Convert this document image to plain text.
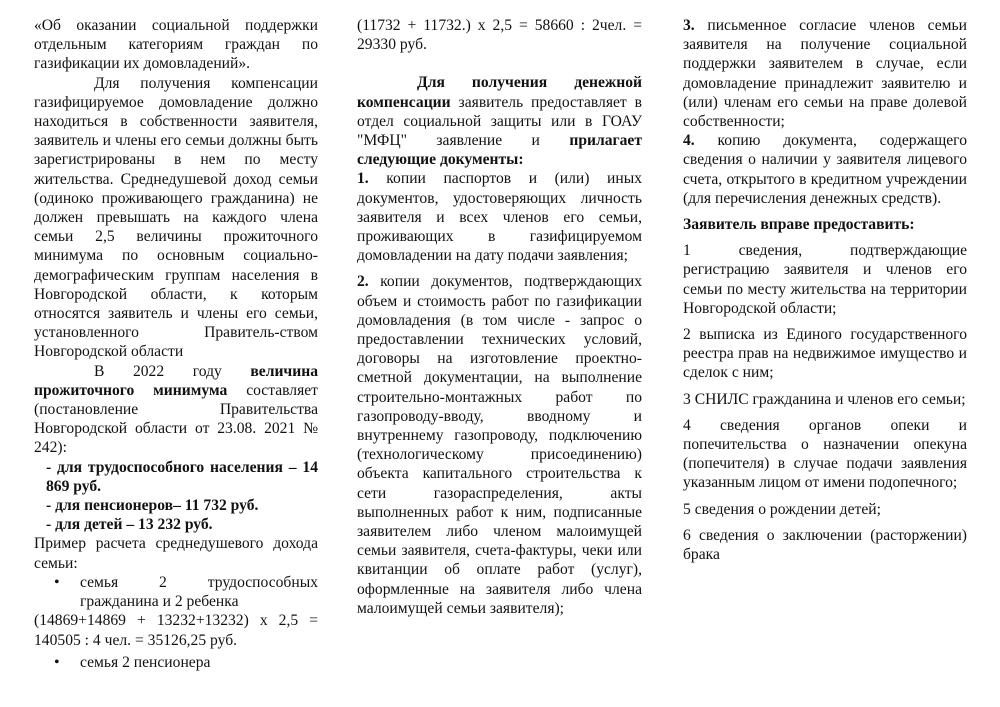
«Об оказании социальной поддержки отдельным категориям граждан по газификации их домовладений».

Для получения компенсации газифицируемое домовладение должно находиться в собственности заявителя, заявитель и члены его семьи должны быть зарегистрированы в нем по месту жительства. Среднедушевой доход семьи (одиноко проживающего гражданина) не должен превышать на каждого члена семьи 2,5 величины прожиточного минимума по основным социально-демографическим группам населения в Новгородской области, к которым относятся заявитель и члены его семьи, установленного Правитель-ством Новгородской области

В 2022 году величина прожиточного минимума составляет (постановление Правительства Новгородской области от 23.08. 2021 № 242):

- для трудоспособного населения – 14 869 руб.

- для пенсионеров– 11 732 руб.

- для детей – 13 232 руб.

Пример расчета среднедушевого дохода семьи:

• семья 2 трудоспособных гражданина и 2 ребенка

(14869+14869 + 13232+13232) х 2,5 = 140505 : 4 чел. = 35126,25 руб.

• семья 2 пенсионера

(11732 + 11732.) х 2,5 = 58660 : 2чел. = 29330 руб.

Для получения денежной компенсации заявитель предоставляет в отдел социальной защиты или в ГОАУ "МФЦ" заявление и прилагает следующие документы:

1. копии паспортов и (или) иных документов, удостоверяющих личность заявителя и всех членов его семьи, проживающих в газифицируемом домовладении на дату подачи заявления;

2. копии документов, подтверждающих объем и стоимость работ по газификации домовладения (в том числе - запрос о предоставлении технических условий, договоры на изготовление проектно-сметной документации, на выполнение строительно-монтажных работ по газопроводу-вводу, вводному и внутреннему газопроводу, подключению (технологическому присоединению) объекта капитального строительства к сети газораспределения, акты выполненных работ к ним, подписанные заявителем либо членом малоимущей семьи заявителя, счета-фактуры, чеки или квитанции об оплате работ (услуг), оформленные на заявителя либо члена малоимущей семьи заявителя);

3. письменное согласие членов семьи заявителя на получение социальной поддержки заявителем в случае, если домовладение принадлежит заявителю и (или) членам его семьи на праве долевой собственности;

4. копию документа, содержащего сведения о наличии у заявителя лицевого счета, открытого в кредитном учреждении (для перечисления денежных средств).

Заявитель вправе предоставить:

1 сведения, подтверждающие регистрацию заявителя и членов его семьи по месту жительства на территории Новгородской области;

2 выписка из Единого государственного реестра прав на недвижимое имущество и сделок с ним;

3 СНИЛС гражданина и членов его семьи;

4 сведения органов опеки и попечительства о назначении опекуна (попечителя) в случае подачи заявления указанным лицом от имени подопечного;

5 сведения о рождении детей;

6 сведения о заключении (расторжении) брака
